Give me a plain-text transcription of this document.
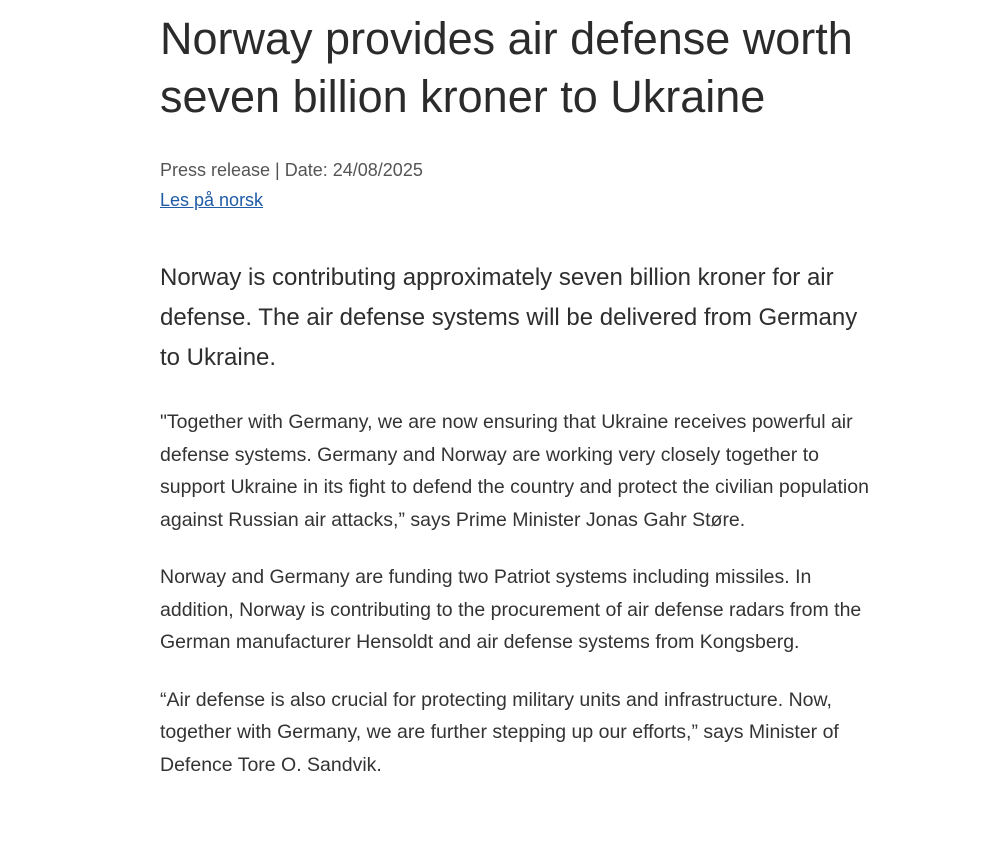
Norway provides air defense worth seven billion kroner to Ukraine
Press release | Date: 24/08/2025
Les på norsk

Norway is contributing approximately seven billion kroner for air defense. The air defense systems will be delivered from Germany to Ukraine.

"Together with Germany, we are now ensuring that Ukraine receives powerful air defense systems. Germany and Norway are working very closely together to support Ukraine in its fight to defend the country and protect the civilian population against Russian air attacks,” says Prime Minister Jonas Gahr Støre.

Norway and Germany are funding two Patriot systems including missiles. In addition, Norway is contributing to the procurement of air defense radars from the German manufacturer Hensoldt and air defense systems from Kongsberg.

“Air defense is also crucial for protecting military units and infrastructure. Now, together with Germany, we are further stepping up our efforts,” says Minister of Defence Tore O. Sandvik.
